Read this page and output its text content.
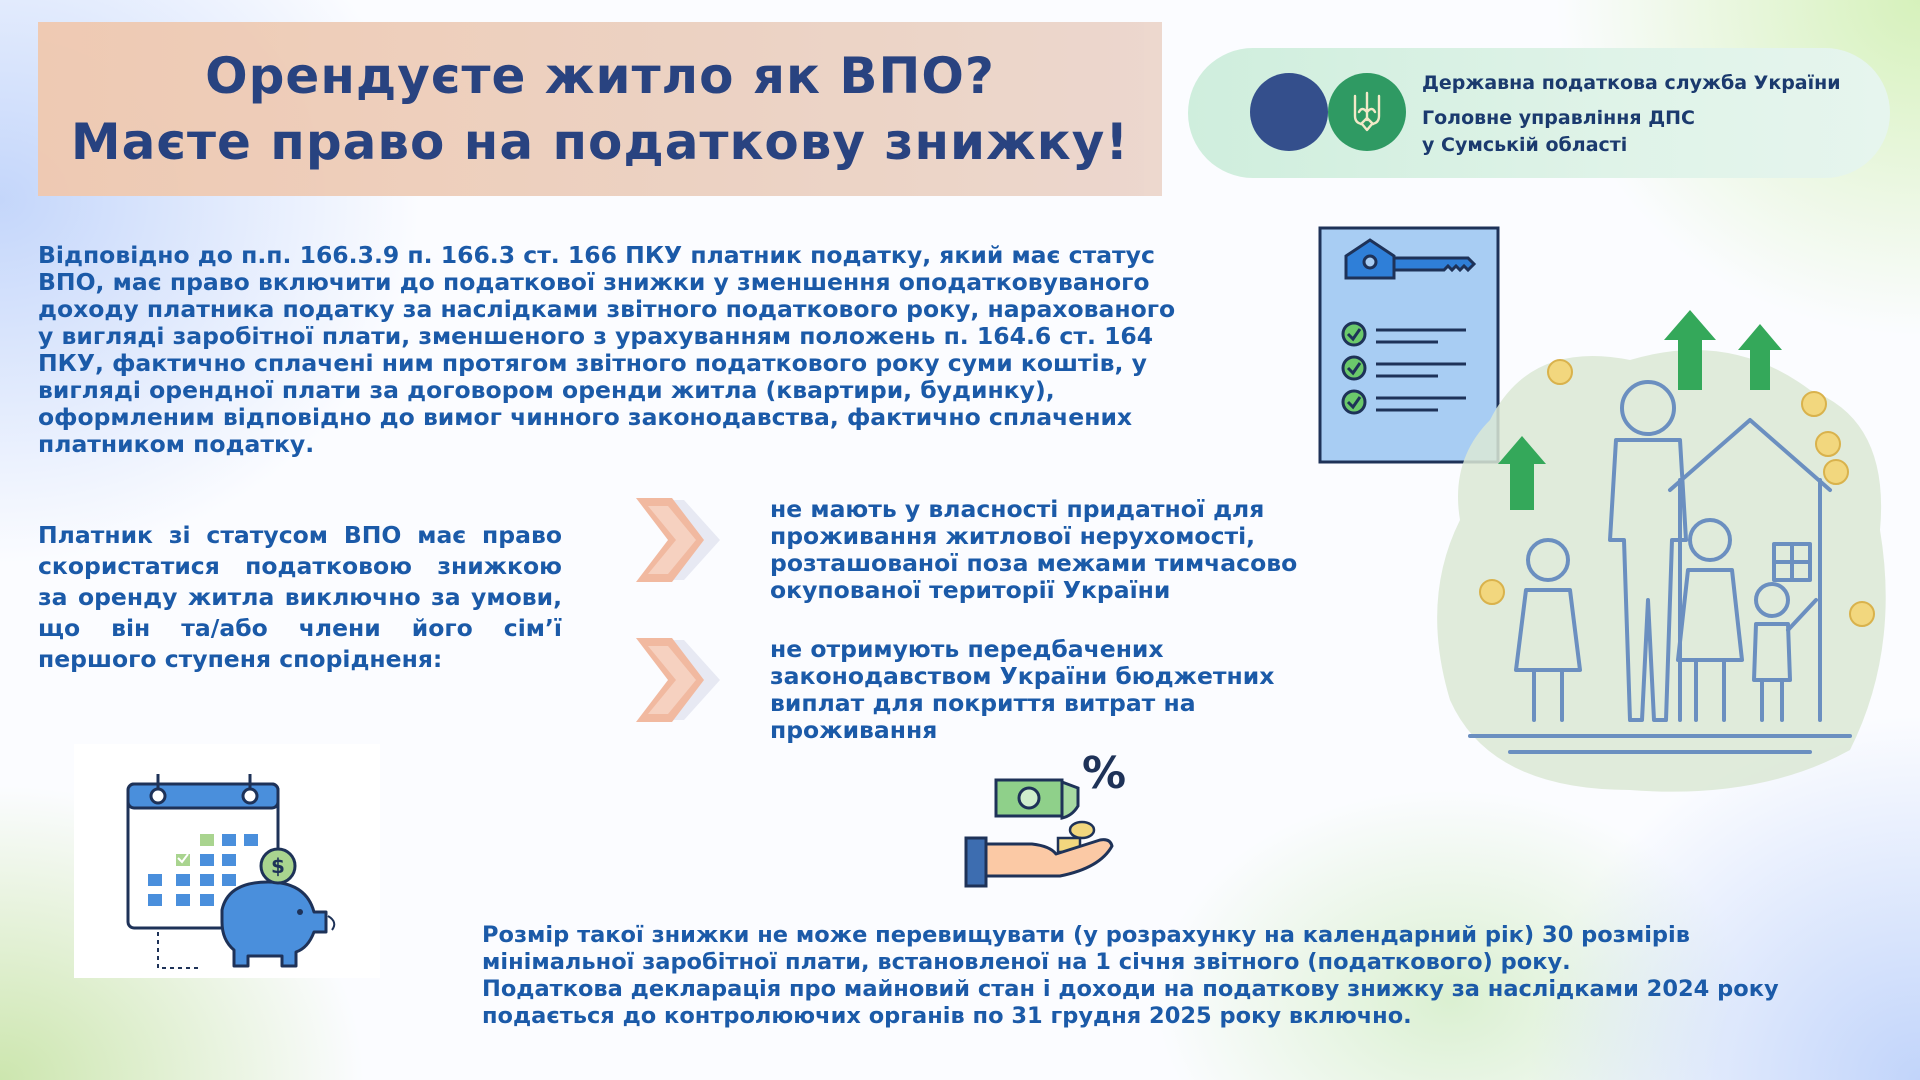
Орендуєте житло як ВПО?
Маєте право на податкову знижку!
Державна податкова служба України
Головне управління ДПС
у Сумській області
Відповідно до п.п. 166.3.9 п. 166.3 ст. 166 ПКУ платник податку, який має статус ВПО, має право включити до податкової знижки у зменшення оподатковуваного доходу платника податку за наслідками звітного податкового року, нарахованого у вигляді заробітної плати, зменшеного з урахуванням положень п. 164.6 ст. 164 ПКУ, фактично сплачені ним протягом звітного податкового року суми коштів, у вигляді орендної плати за договором оренди житла (квартири, будинку), оформленим відповідно до вимог чинного законодавства, фактично сплачених платником податку.
Платник зі статусом ВПО має право скористатися податковою знижкою за оренду житла виключно за умови, що він та/або члени його сім’ї першого ступеня спорідненя:
не мають у власності придатної для проживання житлової нерухомості, розташованої поза межами тимчасово окупованої території України
не отримують передбачених законодавством України бюджетних виплат для покриття витрат на проживання
%
$
Розмір такої знижки не може перевищувати (у розрахунку на календарний рік) 30 розмірів
мінімальної заробітної плати, встановленої на 1 січня звітного (податкового) року.
Податкова декларація про майновий стан і доходи на податкову знижку за наслідками 2024 року
подається до контролюючих органів по 31 грудня 2025 року включно.
